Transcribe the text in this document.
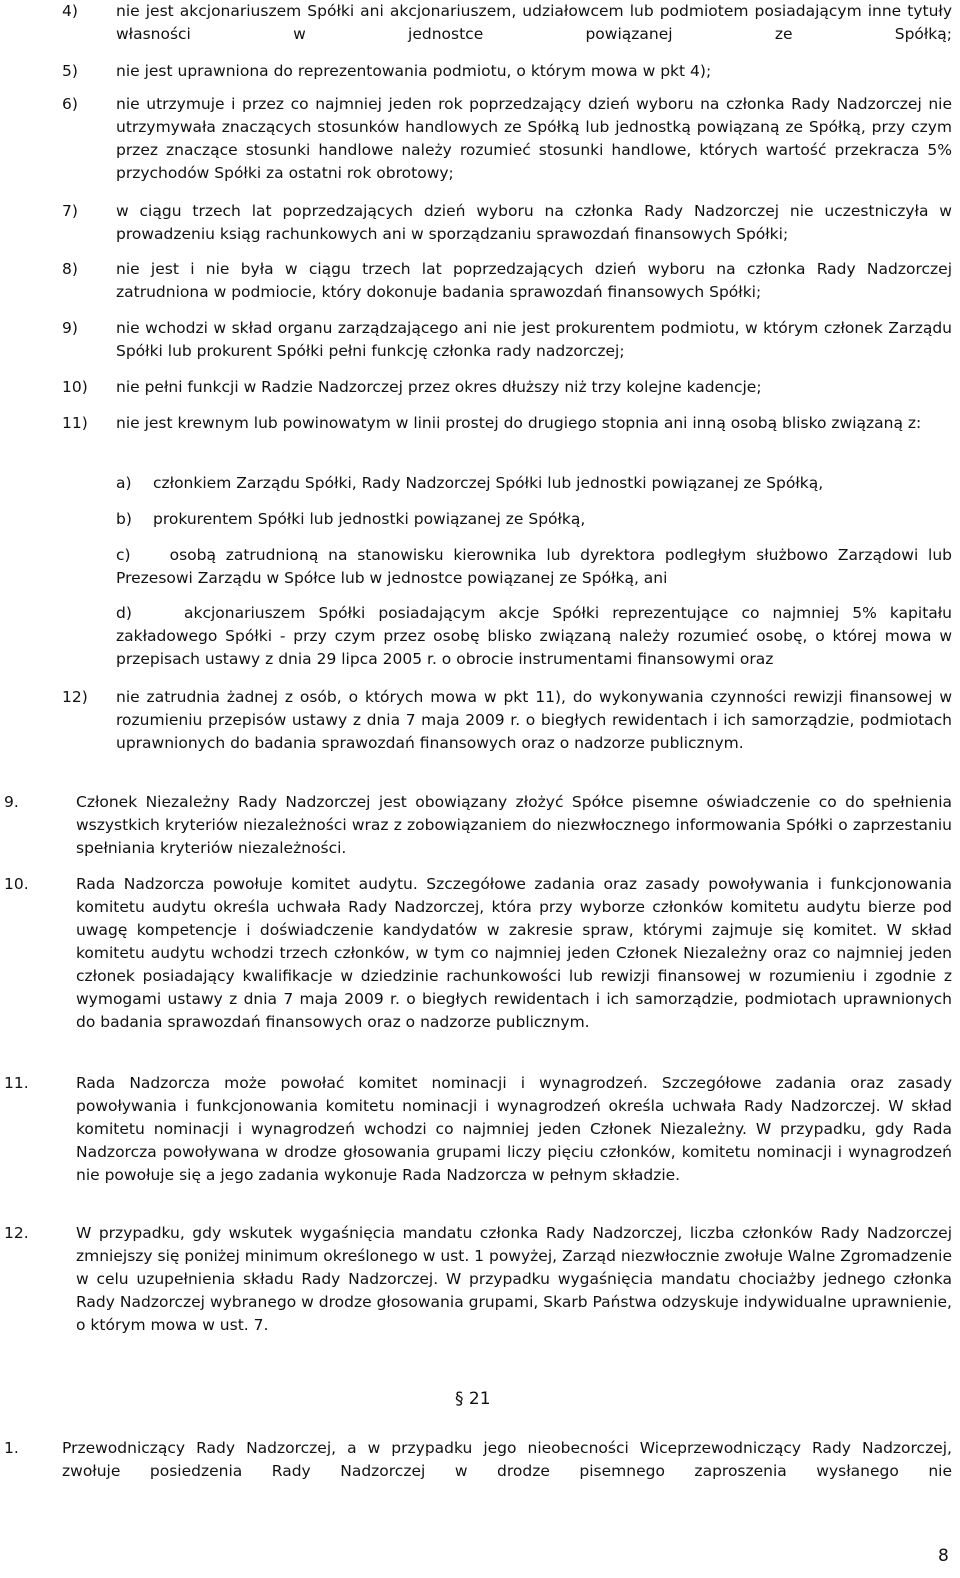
4) nie jest akcjonariuszem Spółki ani akcjonariuszem, udziałowcem lub podmiotem posiadającym inne tytuły własności w jednostce powiązanej ze Spółką;
5) nie jest uprawniona do reprezentowania podmiotu, o którym mowa w pkt 4);
6) nie utrzymuje i przez co najmniej jeden rok poprzedzający dzień wyboru na członka Rady Nadzorczej nie utrzymywała znaczących stosunków handlowych ze Spółką lub jednostką powiązaną ze Spółką, przy czym przez znaczące stosunki handlowe należy rozumieć stosunki handlowe, których wartość przekracza 5% przychodów Spółki za ostatni rok obrotowy;
7) w ciągu trzech lat poprzedzających dzień wyboru na członka Rady Nadzorczej nie uczestniczyła w prowadzeniu ksiąg rachunkowych ani w sporządzaniu sprawozdań finansowych Spółki;
8) nie jest i nie była w ciągu trzech lat poprzedzających dzień wyboru na członka Rady Nadzorczej zatrudniona w podmiocie, który dokonuje badania sprawozdań finansowych Spółki;
9) nie wchodzi w skład organu zarządzającego ani nie jest prokurentem podmiotu, w którym członek Zarządu Spółki lub prokurent Spółki pełni funkcję członka rady nadzorczej;
10) nie pełni funkcji w Radzie Nadzorczej przez okres dłuższy niż trzy kolejne kadencje;
11) nie jest krewnym lub powinowatym w linii prostej do drugiego stopnia ani inną osobą blisko związaną z:
a) członkiem Zarządu Spółki, Rady Nadzorczej Spółki lub jednostki powiązanej ze Spółką,
b) prokurentem Spółki lub jednostki powiązanej ze Spółką,
c)	osobą zatrudnioną na stanowisku kierownika lub dyrektora podległym służbowo Zarządowi lub Prezesowi Zarządu w Spółce lub w jednostce powiązanej ze Spółką, ani
d)	akcjonariuszem Spółki posiadającym akcje Spółki reprezentujące co najmniej 5% kapitału zakładowego Spółki - przy czym przez osobę blisko związaną należy rozumieć osobę, o której mowa w przepisach ustawy z dnia 29 lipca 2005 r. o obrocie instrumentami finansowymi oraz
12) nie zatrudnia żadnej z osób, o których mowa w pkt 11), do wykonywania czynności rewizji finansowej w rozumieniu przepisów ustawy z dnia 7 maja 2009 r. o biegłych rewidentach i ich samorządzie, podmiotach uprawnionych do badania sprawozdań finansowych oraz o nadzorze publicznym.
9.	Członek Niezależny Rady Nadzorczej jest obowiązany złożyć Spółce pisemne oświadczenie co do spełnienia wszystkich kryteriów niezależności wraz z zobowiązaniem do niezwłocznego informowania Spółki o zaprzestaniu spełniania kryteriów niezależności.
10.	Rada Nadzorcza powołuje komitet audytu. Szczegółowe zadania oraz zasady powoływania i funkcjonowania komitetu audytu określa uchwała Rady Nadzorczej, która przy wyborze członków komitetu audytu bierze pod uwagę kompetencje i doświadczenie kandydatów w zakresie spraw, którymi zajmuje się komitet. W skład komitetu audytu wchodzi trzech członków, w tym co najmniej jeden Członek Niezależny oraz co najmniej jeden członek posiadający kwalifikacje w dziedzinie rachunkowości lub rewizji finansowej w rozumieniu i zgodnie z wymogami ustawy z dnia 7 maja 2009 r. o biegłych rewidentach i ich samorządzie, podmiotach uprawnionych do badania sprawozdań finansowych oraz o nadzorze publicznym.
11.	Rada Nadzorcza może powołać komitet nominacji i wynagrodzeń. Szczegółowe zadania oraz zasady powoływania i funkcjonowania komitetu nominacji i wynagrodzeń określa uchwała Rady Nadzorczej. W skład komitetu nominacji i wynagrodzeń wchodzi co najmniej jeden Członek Niezależny. W przypadku, gdy Rada Nadzorcza powoływana w drodze głosowania grupami liczy pięciu członków, komitetu nominacji i wynagrodzeń nie powołuje się a jego zadania wykonuje Rada Nadzorcza w pełnym składzie.
12.	W przypadku, gdy wskutek wygaśnięcia mandatu członka Rady Nadzorczej, liczba członków Rady Nadzorczej zmniejszy się poniżej minimum określonego w ust. 1 powyżej, Zarząd niezwłocznie zwołuje Walne Zgromadzenie w celu uzupełnienia składu Rady Nadzorczej. W przypadku wygaśnięcia mandatu chociażby jednego członka Rady Nadzorczej wybranego w drodze głosowania grupami, Skarb Państwa odzyskuje indywidualne uprawnienie, o którym mowa w ust. 7.
§ 21
1.	Przewodniczący Rady Nadzorczej, a w przypadku jego nieobecności Wiceprzewodniczący Rady Nadzorczej, zwołuje posiedzenia Rady Nadzorczej w drodze pisemnego zaproszenia wysłanego nie
8
